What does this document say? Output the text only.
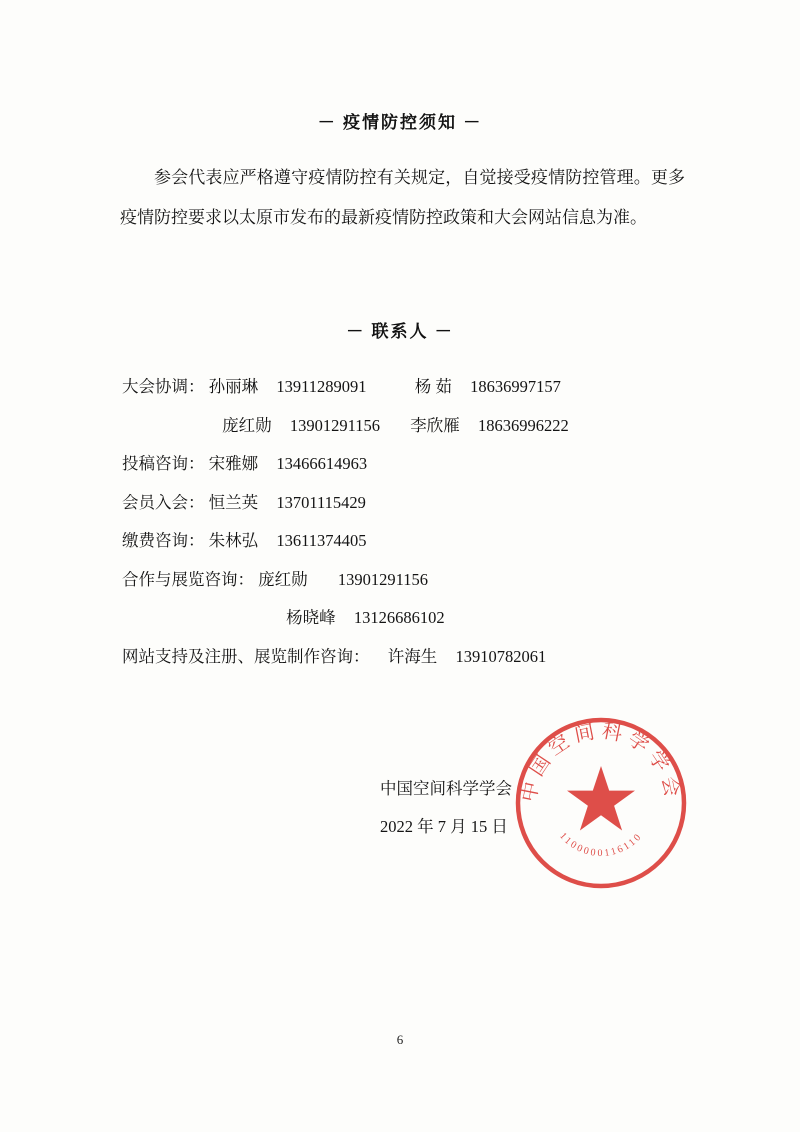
－ 疫情防控须知 －
参会代表应严格遵守疫情防控有关规定，自觉接受疫情防控管理。更多疫情防控要求以太原市发布的最新疫情防控政策和大会网站信息为准。
－ 联系人 －
大会协调： 孙丽琳 13911289091	杨 茹 18636997157
庞红勋 13901291156 李欣雁 18636996222
投稿咨询： 宋雅娜 13466614963
会员入会： 恒兰英 13701115429
缴费咨询： 朱林弘 13611374405
合作与展览咨询： 庞红勋 13901291156
杨晓峰 13126686102
网站支持及注册、展览制作咨询： 许海生 13910782061
中国空间科学学会
2022 年 7 月 15 日
中国空间科学学会
1100000116110
6
